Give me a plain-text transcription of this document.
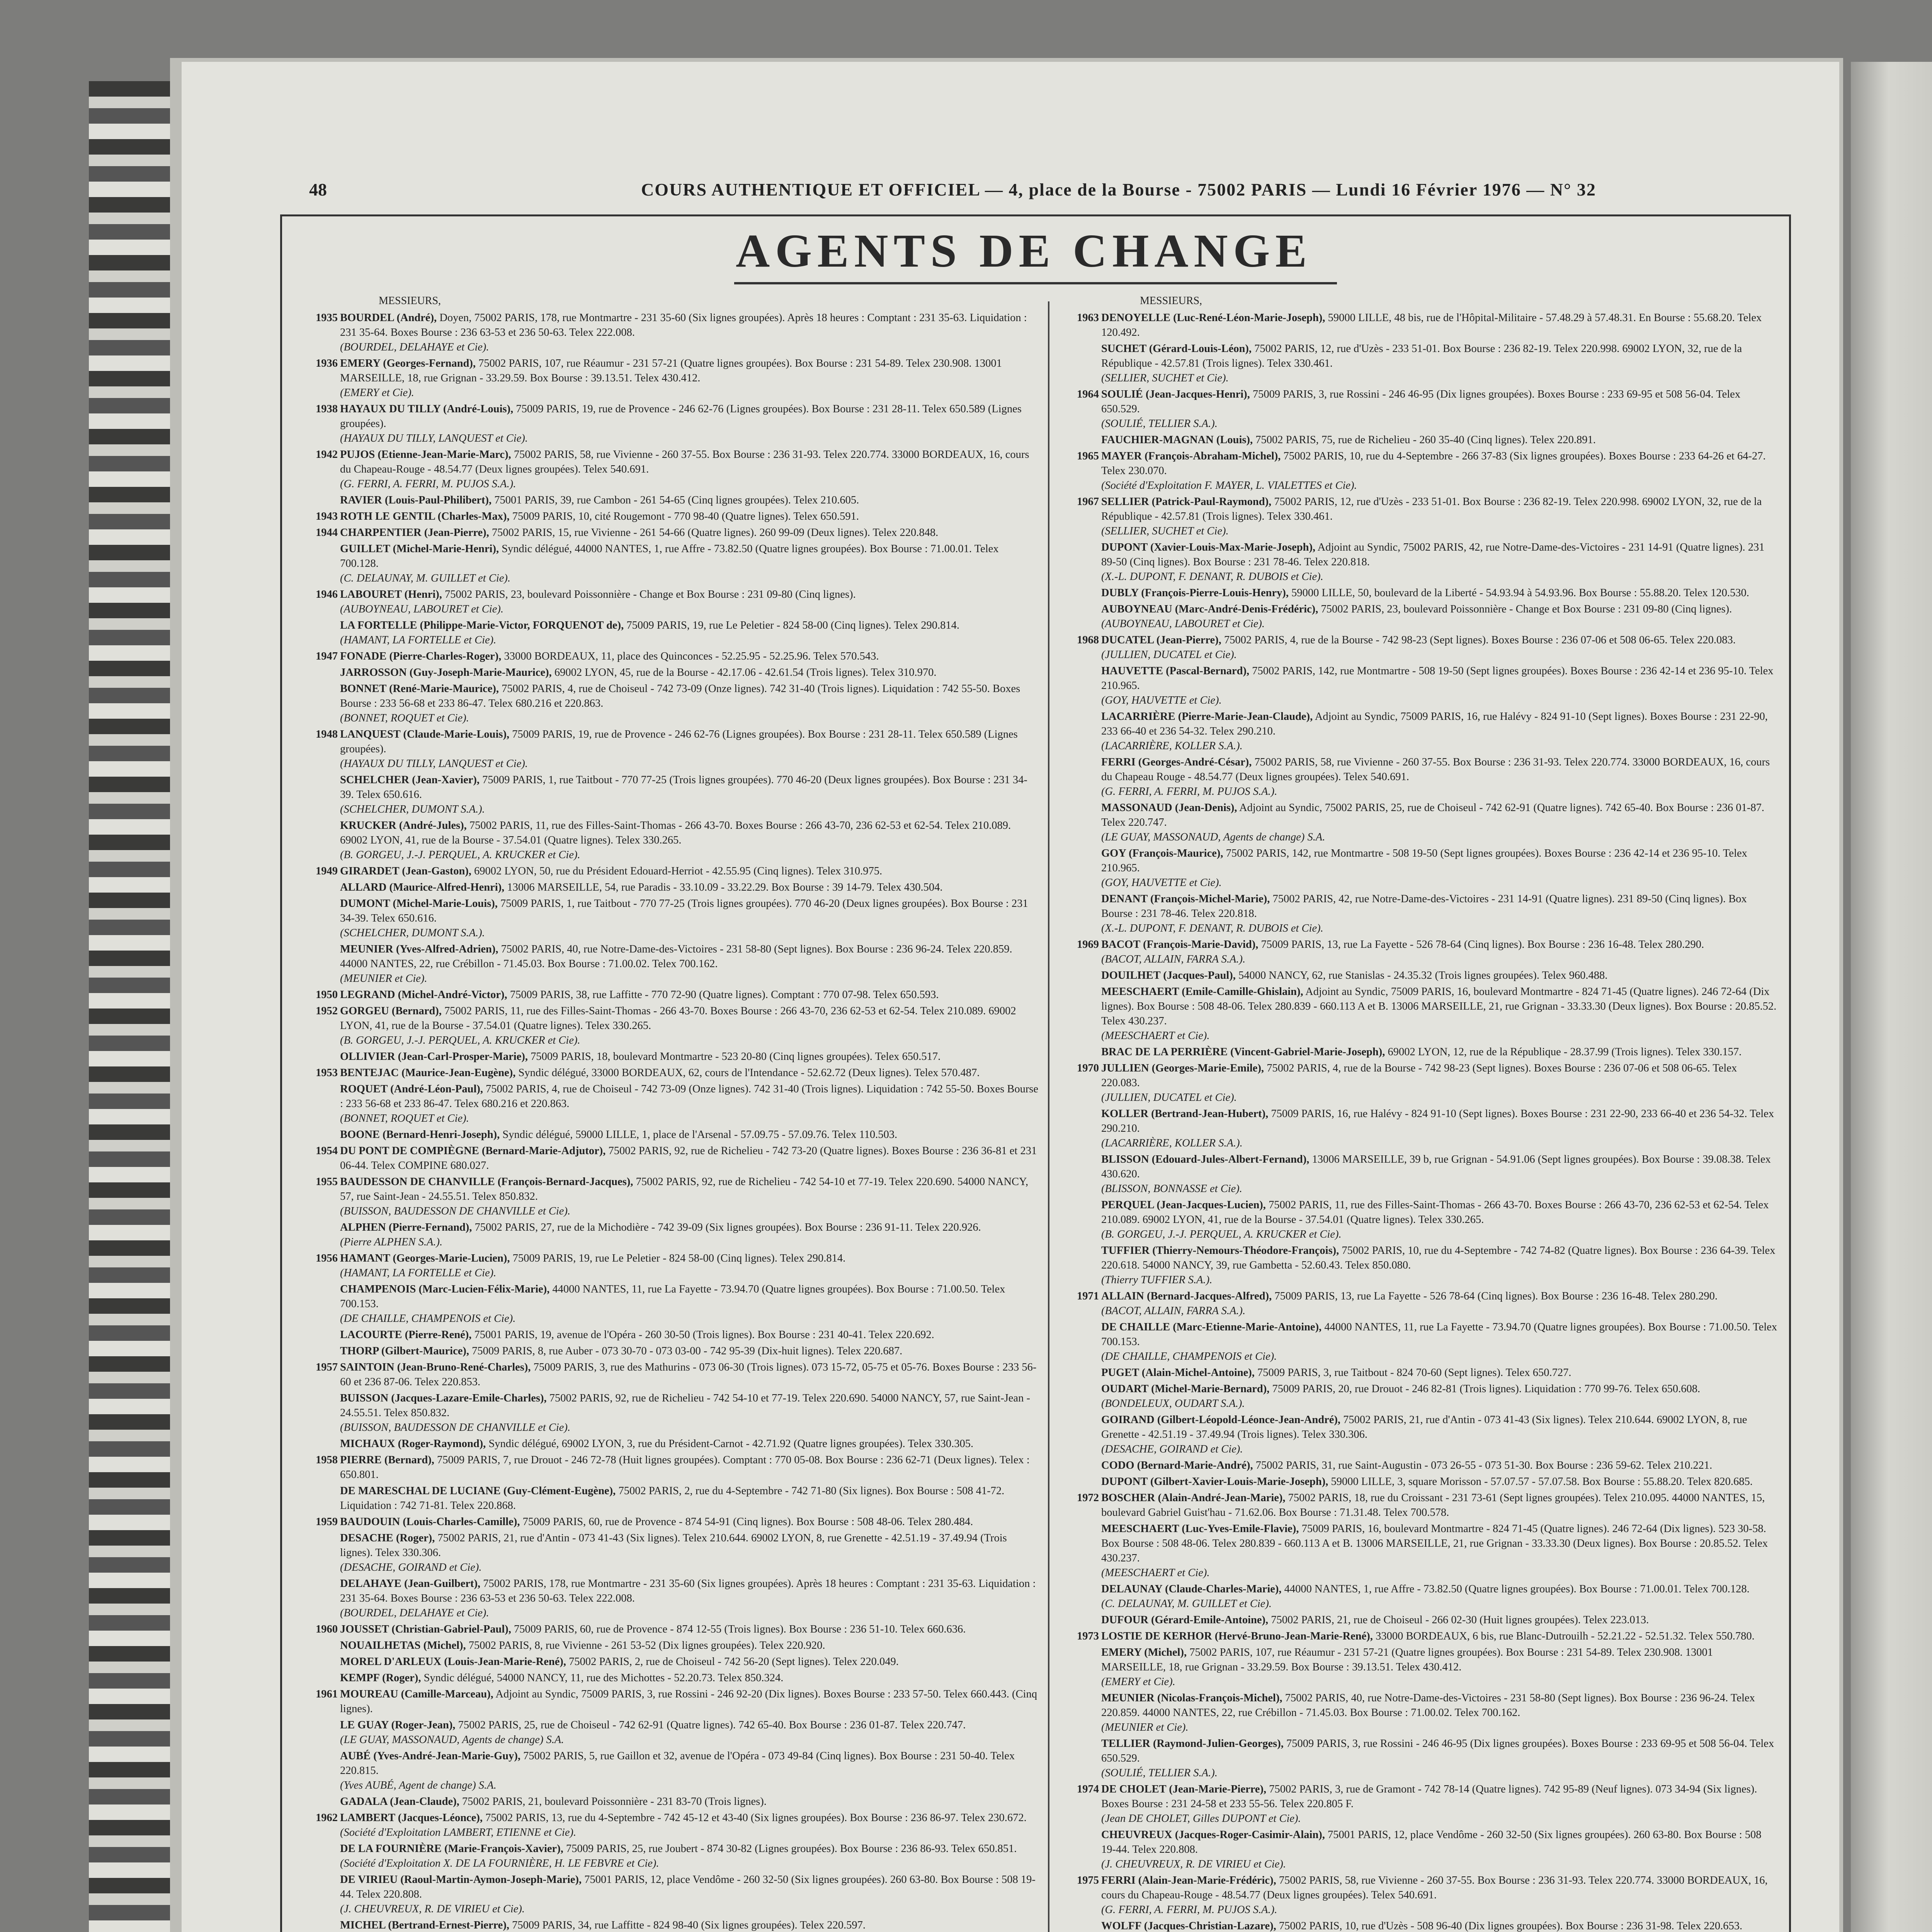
48	COURS AUTHENTIQUE ET OFFICIEL — 4, place de la Bourse - 75002 PARIS — Lundi 16 Février 1976 — N° 32
AGENTS DE CHANGE
MESSIEURS,
1935 BOURDEL (André), Doyen, 75002 PARIS, 178, rue Montmartre - 231 35-60 (Six lignes groupées). Après 18 heures : Comptant : 231 35-63. Liquidation : 231 35-64. Boxes Bourse : 236 63-53 et 236 50-63. Telex 222.008.
(BOURDEL, DELAHAYE et Cie).
1936 EMERY (Georges-Fernand), 75002 PARIS, 107, rue Réaumur - 231 57-21 (Quatre lignes groupées). Box Bourse : 231 54-89. Telex 230.908. 13001 MARSEILLE, 18, rue Grignan - 33.29.59. Box Bourse : 39.13.51. Telex 430.412.
(EMERY et Cie).
1938 HAYAUX DU TILLY (André-Louis), 75009 PARIS, 19, rue de Provence - 246 62-76 (Lignes groupées). Box Bourse : 231 28-11. Telex 650.589 (Lignes groupées).
(HAYAUX DU TILLY, LANQUEST et Cie).
1942 PUJOS (Etienne-Jean-Marie-Marc), 75002 PARIS, 58, rue Vivienne - 260 37-55. Box Bourse : 236 31-93. Telex 220.774. 33000 BORDEAUX, 16, cours du Chapeau-Rouge - 48.54.77 (Deux lignes groupées). Telex 540.691.
(G. FERRI, A. FERRI, M. PUJOS S.A.).
RAVIER (Louis-Paul-Philibert), 75001 PARIS, 39, rue Cambon - 261 54-65 (Cinq lignes groupées). Telex 210.605.
1943 ROTH LE GENTIL (Charles-Max), 75009 PARIS, 10, cité Rougemont - 770 98-40 (Quatre lignes). Telex 650.591.
1944 CHARPENTIER (Jean-Pierre), 75002 PARIS, 15, rue Vivienne - 261 54-66 (Quatre lignes). 260 99-09 (Deux lignes). Telex 220.848.
GUILLET (Michel-Marie-Henri), Syndic délégué, 44000 NANTES, 1, rue Affre - 73.82.50 (Quatre lignes groupées). Box Bourse : 71.00.01. Telex 700.128.
(C. DELAUNAY, M. GUILLET et Cie).
1946 LABOURET (Henri), 75002 PARIS, 23, boulevard Poissonnière - Change et Box Bourse : 231 09-80 (Cinq lignes).
(AUBOYNEAU, LABOURET et Cie).
LA FORTELLE (Philippe-Marie-Victor, FORQUENOT de), 75009 PARIS, 19, rue Le Peletier - 824 58-00 (Cinq lignes). Telex 290.814.
(HAMANT, LA FORTELLE et Cie).
1947 FONADE (Pierre-Charles-Roger), 33000 BORDEAUX, 11, place des Quinconces - 52.25.95 - 52.25.96. Telex 570.543.
JARROSSON (Guy-Joseph-Marie-Maurice), 69002 LYON, 45, rue de la Bourse - 42.17.06 - 42.61.54 (Trois lignes). Telex 310.970.
BONNET (René-Marie-Maurice), 75002 PARIS, 4, rue de Choiseul - 742 73-09 (Onze lignes). 742 31-40 (Trois lignes). Liquidation : 742 55-50. Boxes Bourse : 233 56-68 et 233 86-47. Telex 680.216 et 220.863.
(BONNET, ROQUET et Cie).
1948 LANQUEST (Claude-Marie-Louis), 75009 PARIS, 19, rue de Provence - 246 62-76 (Lignes groupées). Box Bourse : 231 28-11. Telex 650.589 (Lignes groupées).
(HAYAUX DU TILLY, LANQUEST et Cie).
SCHELCHER (Jean-Xavier), 75009 PARIS, 1, rue Taitbout - 770 77-25 (Trois lignes groupées). 770 46-20 (Deux lignes groupées). Box Bourse : 231 34-39. Telex 650.616.
(SCHELCHER, DUMONT S.A.).
KRUCKER (André-Jules), 75002 PARIS, 11, rue des Filles-Saint-Thomas - 266 43-70. Boxes Bourse : 266 43-70, 236 62-53 et 62-54. Telex 210.089. 69002 LYON, 41, rue de la Bourse - 37.54.01 (Quatre lignes). Telex 330.265.
(B. GORGEU, J.-J. PERQUEL, A. KRUCKER et Cie).
1949 GIRARDET (Jean-Gaston), 69002 LYON, 50, rue du Président Edouard-Herriot - 42.55.95 (Cinq lignes). Telex 310.975.
ALLARD (Maurice-Alfred-Henri), 13006 MARSEILLE, 54, rue Paradis - 33.10.09 - 33.22.29. Box Bourse : 39 14-79. Telex 430.504.
DUMONT (Michel-Marie-Louis), 75009 PARIS, 1, rue Taitbout - 770 77-25 (Trois lignes groupées). 770 46-20 (Deux lignes groupées). Box Bourse : 231 34-39. Telex 650.616.
(SCHELCHER, DUMONT S.A.).
MEUNIER (Yves-Alfred-Adrien), 75002 PARIS, 40, rue Notre-Dame-des-Victoires - 231 58-80 (Sept lignes). Box Bourse : 236 96-24. Telex 220.859. 44000 NANTES, 22, rue Crébillon - 71.45.03. Box Bourse : 71.00.02. Telex 700.162.
(MEUNIER et Cie).
1950 LEGRAND (Michel-André-Victor), 75009 PARIS, 38, rue Laffitte - 770 72-90 (Quatre lignes). Comptant : 770 07-98. Telex 650.593.
1952 GORGEU (Bernard), 75002 PARIS, 11, rue des Filles-Saint-Thomas - 266 43-70. Boxes Bourse : 266 43-70, 236 62-53 et 62-54. Telex 210.089. 69002 LYON, 41, rue de la Bourse - 37.54.01 (Quatre lignes). Telex 330.265.
(B. GORGEU, J.-J. PERQUEL, A. KRUCKER et Cie).
OLLIVIER (Jean-Carl-Prosper-Marie), 75009 PARIS, 18, boulevard Montmartre - 523 20-80 (Cinq lignes groupées). Telex 650.517.
1953 BENTEJAC (Maurice-Jean-Eugène), Syndic délégué, 33000 BORDEAUX, 62, cours de l'Intendance - 52.62.72 (Deux lignes). Telex 570.487.
ROQUET (André-Léon-Paul), 75002 PARIS, 4, rue de Choiseul - 742 73-09 (Onze lignes). 742 31-40 (Trois lignes). Liquidation : 742 55-50. Boxes Bourse : 233 56-68 et 233 86-47. Telex 680.216 et 220.863.
(BONNET, ROQUET et Cie).
BOONE (Bernard-Henri-Joseph), Syndic délégué, 59000 LILLE, 1, place de l'Arsenal - 57.09.75 - 57.09.76. Telex 110.503.
1954 DU PONT DE COMPIÈGNE (Bernard-Marie-Adjutor), 75002 PARIS, 92, rue de Richelieu - 742 73-20 (Quatre lignes). Boxes Bourse : 236 36-81 et 231 06-44. Telex COMPINE 680.027.
1955 BAUDESSON DE CHANVILLE (François-Bernard-Jacques), 75002 PARIS, 92, rue de Richelieu - 742 54-10 et 77-19. Telex 220.690. 54000 NANCY, 57, rue Saint-Jean - 24.55.51. Telex 850.832.
(BUISSON, BAUDESSON DE CHANVILLE et Cie).
ALPHEN (Pierre-Fernand), 75002 PARIS, 27, rue de la Michodière - 742 39-09 (Six lignes groupées). Box Bourse : 236 91-11. Telex 220.926.
(Pierre ALPHEN S.A.).
1956 HAMANT (Georges-Marie-Lucien), 75009 PARIS, 19, rue Le Peletier - 824 58-00 (Cinq lignes). Telex 290.814.
(HAMANT, LA FORTELLE et Cie).
CHAMPENOIS (Marc-Lucien-Félix-Marie), 44000 NANTES, 11, rue La Fayette - 73.94.70 (Quatre lignes groupées). Box Bourse : 71.00.50. Telex 700.153.
(DE CHAILLE, CHAMPENOIS et Cie).
LACOURTE (Pierre-René), 75001 PARIS, 19, avenue de l'Opéra - 260 30-50 (Trois lignes). Box Bourse : 231 40-41. Telex 220.692.
THORP (Gilbert-Maurice), 75009 PARIS, 8, rue Auber - 073 30-70 - 073 03-00 - 742 95-39 (Dix-huit lignes). Telex 220.687.
1957 SAINTOIN (Jean-Bruno-René-Charles), 75009 PARIS, 3, rue des Mathurins - 073 06-30 (Trois lignes). 073 15-72, 05-75 et 05-76. Boxes Bourse : 233 56-60 et 236 87-06. Telex 220.853.
BUISSON (Jacques-Lazare-Emile-Charles), 75002 PARIS, 92, rue de Richelieu - 742 54-10 et 77-19. Telex 220.690. 54000 NANCY, 57, rue Saint-Jean - 24.55.51. Telex 850.832.
(BUISSON, BAUDESSON DE CHANVILLE et Cie).
MICHAUX (Roger-Raymond), Syndic délégué, 69002 LYON, 3, rue du Président-Carnot - 42.71.92 (Quatre lignes groupées). Telex 330.305.
1958 PIERRE (Bernard), 75009 PARIS, 7, rue Drouot - 246 72-78 (Huit lignes groupées). Comptant : 770 05-08. Box Bourse : 236 62-71 (Deux lignes). Telex : 650.801.
DE MARESCHAL DE LUCIANE (Guy-Clément-Eugène), 75002 PARIS, 2, rue du 4-Septembre - 742 71-80 (Six lignes). Box Bourse : 508 41-72. Liquidation : 742 71-81. Telex 220.868.
1959 BAUDOUIN (Louis-Charles-Camille), 75009 PARIS, 60, rue de Provence - 874 54-91 (Cinq lignes). Box Bourse : 508 48-06. Telex 280.484.
DESACHE (Roger), 75002 PARIS, 21, rue d'Antin - 073 41-43 (Six lignes). Telex 210.644. 69002 LYON, 8, rue Grenette - 42.51.19 - 37.49.94 (Trois lignes). Telex 330.306.
(DESACHE, GOIRAND et Cie).
DELAHAYE (Jean-Guilbert), 75002 PARIS, 178, rue Montmartre - 231 35-60 (Six lignes groupées). Après 18 heures : Comptant : 231 35-63. Liquidation : 231 35-64. Boxes Bourse : 236 63-53 et 236 50-63. Telex 222.008.
(BOURDEL, DELAHAYE et Cie).
1960 JOUSSET (Christian-Gabriel-Paul), 75009 PARIS, 60, rue de Provence - 874 12-55 (Trois lignes). Box Bourse : 236 51-10. Telex 660.636.
NOUAILHETAS (Michel), 75002 PARIS, 8, rue Vivienne - 261 53-52 (Dix lignes groupées). Telex 220.920.
MOREL D'ARLEUX (Louis-Jean-Marie-René), 75002 PARIS, 2, rue de Choiseul - 742 56-20 (Sept lignes). Telex 220.049.
KEMPF (Roger), Syndic délégué, 54000 NANCY, 11, rue des Michottes - 52.20.73. Telex 850.324.
1961 MOUREAU (Camille-Marceau), Adjoint au Syndic, 75009 PARIS, 3, rue Rossini - 246 92-20 (Dix lignes). Boxes Bourse : 233 57-50. Telex 660.443. (Cinq lignes).
LE GUAY (Roger-Jean), 75002 PARIS, 25, rue de Choiseul - 742 62-91 (Quatre lignes). 742 65-40. Box Bourse : 236 01-87. Telex 220.747.
(LE GUAY, MASSONAUD, Agents de change) S.A.
AUBÉ (Yves-André-Jean-Marie-Guy), 75002 PARIS, 5, rue Gaillon et 32, avenue de l'Opéra - 073 49-84 (Cinq lignes). Box Bourse : 231 50-40. Telex 220.815.
(Yves AUBÉ, Agent de change) S.A.
GADALA (Jean-Claude), 75002 PARIS, 21, boulevard Poissonnière - 231 83-70 (Trois lignes).
1962 LAMBERT (Jacques-Léonce), 75002 PARIS, 13, rue du 4-Septembre - 742 45-12 et 43-40 (Six lignes groupées). Box Bourse : 236 86-97. Telex 230.672.
(Société d'Exploitation LAMBERT, ETIENNE et Cie).
DE LA FOURNIÈRE (Marie-François-Xavier), 75009 PARIS, 25, rue Joubert - 874 30-82 (Lignes groupées). Box Bourse : 236 86-93. Telex 650.851.
(Société d'Exploitation X. DE LA FOURNIÈRE, H. LE FEBVRE et Cie).
DE VIRIEU (Raoul-Martin-Aymon-Joseph-Marie), 75001 PARIS, 12, place Vendôme - 260 32-50 (Six lignes groupées). 260 63-80. Box Bourse : 508 19-44. Telex 220.808.
(J. CHEUVREUX, R. DE VIRIEU et Cie).
MICHEL (Bertrand-Ernest-Pierre), 75009 PARIS, 34, rue Laffitte - 824 98-40 (Six lignes groupées). Telex 220.597.
MESSIEURS,
1963 DENOYELLE (Luc-René-Léon-Marie-Joseph), 59000 LILLE, 48 bis, rue de l'Hôpital-Militaire - 57.48.29 à 57.48.31. En Bourse : 55.68.20. Telex 120.492.
SUCHET (Gérard-Louis-Léon), 75002 PARIS, 12, rue d'Uzès - 233 51-01. Box Bourse : 236 82-19. Telex 220.998. 69002 LYON, 32, rue de la République - 42.57.81 (Trois lignes). Telex 330.461.
(SELLIER, SUCHET et Cie).
1964 SOULIÉ (Jean-Jacques-Henri), 75009 PARIS, 3, rue Rossini - 246 46-95 (Dix lignes groupées). Boxes Bourse : 233 69-95 et 508 56-04. Telex 650.529.
(SOULIÉ, TELLIER S.A.).
FAUCHIER-MAGNAN (Louis), 75002 PARIS, 75, rue de Richelieu - 260 35-40 (Cinq lignes). Telex 220.891.
1965 MAYER (François-Abraham-Michel), 75002 PARIS, 10, rue du 4-Septembre - 266 37-83 (Six lignes groupées). Boxes Bourse : 233 64-26 et 64-27. Telex 230.070.
(Société d'Exploitation F. MAYER, L. VIALETTES et Cie).
1967 SELLIER (Patrick-Paul-Raymond), 75002 PARIS, 12, rue d'Uzès - 233 51-01. Box Bourse : 236 82-19. Telex 220.998. 69002 LYON, 32, rue de la République - 42.57.81 (Trois lignes). Telex 330.461.
(SELLIER, SUCHET et Cie).
DUPONT (Xavier-Louis-Max-Marie-Joseph), Adjoint au Syndic, 75002 PARIS, 42, rue Notre-Dame-des-Victoires - 231 14-91 (Quatre lignes). 231 89-50 (Cinq lignes). Box Bourse : 231 78-46. Telex 220.818.
(X.-L. DUPONT, F. DENANT, R. DUBOIS et Cie).
DUBLY (François-Pierre-Louis-Henry), 59000 LILLE, 50, boulevard de la Liberté - 54.93.94 à 54.93.96. Box Bourse : 55.88.20. Telex 120.530.
AUBOYNEAU (Marc-André-Denis-Frédéric), 75002 PARIS, 23, boulevard Poissonnière - Change et Box Bourse : 231 09-80 (Cinq lignes).
(AUBOYNEAU, LABOURET et Cie).
1968 DUCATEL (Jean-Pierre), 75002 PARIS, 4, rue de la Bourse - 742 98-23 (Sept lignes). Boxes Bourse : 236 07-06 et 508 06-65. Telex 220.083.
(JULLIEN, DUCATEL et Cie).
HAUVETTE (Pascal-Bernard), 75002 PARIS, 142, rue Montmartre - 508 19-50 (Sept lignes groupées). Boxes Bourse : 236 42-14 et 236 95-10. Telex 210.965.
(GOY, HAUVETTE et Cie).
LACARRIÈRE (Pierre-Marie-Jean-Claude), Adjoint au Syndic, 75009 PARIS, 16, rue Halévy - 824 91-10 (Sept lignes). Boxes Bourse : 231 22-90, 233 66-40 et 236 54-32. Telex 290.210.
(LACARRIÈRE, KOLLER S.A.).
FERRI (Georges-André-César), 75002 PARIS, 58, rue Vivienne - 260 37-55. Box Bourse : 236 31-93. Telex 220.774. 33000 BORDEAUX, 16, cours du Chapeau Rouge - 48.54.77 (Deux lignes groupées). Telex 540.691.
(G. FERRI, A. FERRI, M. PUJOS S.A.).
MASSONAUD (Jean-Denis), Adjoint au Syndic, 75002 PARIS, 25, rue de Choiseul - 742 62-91 (Quatre lignes). 742 65-40. Box Bourse : 236 01-87. Telex 220.747.
(LE GUAY, MASSONAUD, Agents de change) S.A.
GOY (François-Maurice), 75002 PARIS, 142, rue Montmartre - 508 19-50 (Sept lignes groupées). Boxes Bourse : 236 42-14 et 236 95-10. Telex 210.965.
(GOY, HAUVETTE et Cie).
DENANT (François-Michel-Marie), 75002 PARIS, 42, rue Notre-Dame-des-Victoires - 231 14-91 (Quatre lignes). 231 89-50 (Cinq lignes). Box Bourse : 231 78-46. Telex 220.818.
(X.-L. DUPONT, F. DENANT, R. DUBOIS et Cie).
1969 BACOT (François-Marie-David), 75009 PARIS, 13, rue La Fayette - 526 78-64 (Cinq lignes). Box Bourse : 236 16-48. Telex 280.290.
(BACOT, ALLAIN, FARRA S.A.).
DOUILHET (Jacques-Paul), 54000 NANCY, 62, rue Stanislas - 24.35.32 (Trois lignes groupées). Telex 960.488.
MEESCHAERT (Emile-Camille-Ghislain), Adjoint au Syndic, 75009 PARIS, 16, boulevard Montmartre - 824 71-45 (Quatre lignes). 246 72-64 (Dix lignes). Box Bourse : 508 48-06. Telex 280.839 - 660.113 A et B. 13006 MARSEILLE, 21, rue Grignan - 33.33.30 (Deux lignes). Box Bourse : 20.85.52. Telex 430.237.
(MEESCHAERT et Cie).
BRAC DE LA PERRIÈRE (Vincent-Gabriel-Marie-Joseph), 69002 LYON, 12, rue de la République - 28.37.99 (Trois lignes). Telex 330.157.
1970 JULLIEN (Georges-Marie-Emile), 75002 PARIS, 4, rue de la Bourse - 742 98-23 (Sept lignes). Boxes Bourse : 236 07-06 et 508 06-65. Telex 220.083.
(JULLIEN, DUCATEL et Cie).
KOLLER (Bertrand-Jean-Hubert), 75009 PARIS, 16, rue Halévy - 824 91-10 (Sept lignes). Boxes Bourse : 231 22-90, 233 66-40 et 236 54-32. Telex 290.210.
(LACARRIÈRE, KOLLER S.A.).
BLISSON (Edouard-Jules-Albert-Fernand), 13006 MARSEILLE, 39 b, rue Grignan - 54.91.06 (Sept lignes groupées). Box Bourse : 39.08.38. Telex 430.620.
(BLISSON, BONNASSE et Cie).
PERQUEL (Jean-Jacques-Lucien), 75002 PARIS, 11, rue des Filles-Saint-Thomas - 266 43-70. Boxes Bourse : 266 43-70, 236 62-53 et 62-54. Telex 210.089. 69002 LYON, 41, rue de la Bourse - 37.54.01 (Quatre lignes). Telex 330.265.
(B. GORGEU, J.-J. PERQUEL, A. KRUCKER et Cie).
TUFFIER (Thierry-Nemours-Théodore-François), 75002 PARIS, 10, rue du 4-Septembre - 742 74-82 (Quatre lignes). Box Bourse : 236 64-39. Telex 220.618. 54000 NANCY, 39, rue Gambetta - 52.60.43. Telex 850.080.
(Thierry TUFFIER S.A.).
1971 ALLAIN (Bernard-Jacques-Alfred), 75009 PARIS, 13, rue La Fayette - 526 78-64 (Cinq lignes). Box Bourse : 236 16-48. Telex 280.290.
(BACOT, ALLAIN, FARRA S.A.).
DE CHAILLE (Marc-Etienne-Marie-Antoine), 44000 NANTES, 11, rue La Fayette - 73.94.70 (Quatre lignes groupées). Box Bourse : 71.00.50. Telex 700.153.
(DE CHAILLE, CHAMPENOIS et Cie).
PUGET (Alain-Michel-Antoine), 75009 PARIS, 3, rue Taitbout - 824 70-60 (Sept lignes). Telex 650.727.
OUDART (Michel-Marie-Bernard), 75009 PARIS, 20, rue Drouot - 246 82-81 (Trois lignes). Liquidation : 770 99-76. Telex 650.608.
(BONDELEUX, OUDART S.A.).
GOIRAND (Gilbert-Léopold-Léonce-Jean-André), 75002 PARIS, 21, rue d'Antin - 073 41-43 (Six lignes). Telex 210.644. 69002 LYON, 8, rue Grenette - 42.51.19 - 37.49.94 (Trois lignes). Telex 330.306.
(DESACHE, GOIRAND et Cie).
CODO (Bernard-Marie-André), 75002 PARIS, 31, rue Saint-Augustin - 073 26-55 - 073 51-30. Box Bourse : 236 59-62. Telex 210.221.
DUPONT (Gilbert-Xavier-Louis-Marie-Joseph), 59000 LILLE, 3, square Morisson - 57.07.57 - 57.07.58. Box Bourse : 55.88.20. Telex 820.685.
1972 BOSCHER (Alain-André-Jean-Marie), 75002 PARIS, 18, rue du Croissant - 231 73-61 (Sept lignes groupées). Telex 210.095. 44000 NANTES, 15, boulevard Gabriel Guist'hau - 71.62.06. Box Bourse : 71.31.48. Telex 700.578.
MEESCHAERT (Luc-Yves-Emile-Flavie), 75009 PARIS, 16, boulevard Montmartre - 824 71-45 (Quatre lignes). 246 72-64 (Dix lignes). 523 30-58. Box Bourse : 508 48-06. Telex 280.839 - 660.113 A et B. 13006 MARSEILLE, 21, rue Grignan - 33.33.30 (Deux lignes). Box Bourse : 20.85.52. Telex 430.237.
(MEESCHAERT et Cie).
DELAUNAY (Claude-Charles-Marie), 44000 NANTES, 1, rue Affre - 73.82.50 (Quatre lignes groupées). Box Bourse : 71.00.01. Telex 700.128.
(C. DELAUNAY, M. GUILLET et Cie).
DUFOUR (Gérard-Emile-Antoine), 75002 PARIS, 21, rue de Choiseul - 266 02-30 (Huit lignes groupées). Telex 223.013.
1973 LOSTIE DE KERHOR (Hervé-Bruno-Jean-Marie-René), 33000 BORDEAUX, 6 bis, rue Blanc-Dutrouilh - 52.21.22 - 52.51.32. Telex 550.780.
EMERY (Michel), 75002 PARIS, 107, rue Réaumur - 231 57-21 (Quatre lignes groupées). Box Bourse : 231 54-89. Telex 230.908. 13001 MARSEILLE, 18, rue Grignan - 33.29.59. Box Bourse : 39.13.51. Telex 430.412.
(EMERY et Cie).
MEUNIER (Nicolas-François-Michel), 75002 PARIS, 40, rue Notre-Dame-des-Victoires - 231 58-80 (Sept lignes). Box Bourse : 236 96-24. Telex 220.859. 44000 NANTES, 22, rue Crébillon - 71.45.03. Box Bourse : 71.00.02. Telex 700.162.
(MEUNIER et Cie).
TELLIER (Raymond-Julien-Georges), 75009 PARIS, 3, rue Rossini - 246 46-95 (Dix lignes groupées). Boxes Bourse : 233 69-95 et 508 56-04. Telex 650.529.
(SOULIÉ, TELLIER S.A.).
1974 DE CHOLET (Jean-Marie-Pierre), 75002 PARIS, 3, rue de Gramont - 742 78-14 (Quatre lignes). 742 95-89 (Neuf lignes). 073 34-94 (Six lignes). Boxes Bourse : 231 24-58 et 233 55-56. Telex 220.805 F.
(Jean DE CHOLET, Gilles DUPONT et Cie).
CHEUVREUX (Jacques-Roger-Casimir-Alain), 75001 PARIS, 12, place Vendôme - 260 32-50 (Six lignes groupées). 260 63-80. Box Bourse : 508 19-44. Telex 220.808.
(J. CHEUVREUX, R. DE VIRIEU et Cie).
1975 FERRI (Alain-Jean-Marie-Frédéric), 75002 PARIS, 58, rue Vivienne - 260 37-55. Box Bourse : 236 31-93. Telex 220.774. 33000 BORDEAUX, 16, cours du Chapeau-Rouge - 48.54.77 (Deux lignes groupées). Telex 540.691.
(G. FERRI, A. FERRI, M. PUJOS S.A.).
WOLFF (Jacques-Christian-Lazare), 75002 PARIS, 10, rue d'Uzès - 508 96-40 (Dix lignes groupées). Box Bourse : 236 31-98. Telex 220.653.
